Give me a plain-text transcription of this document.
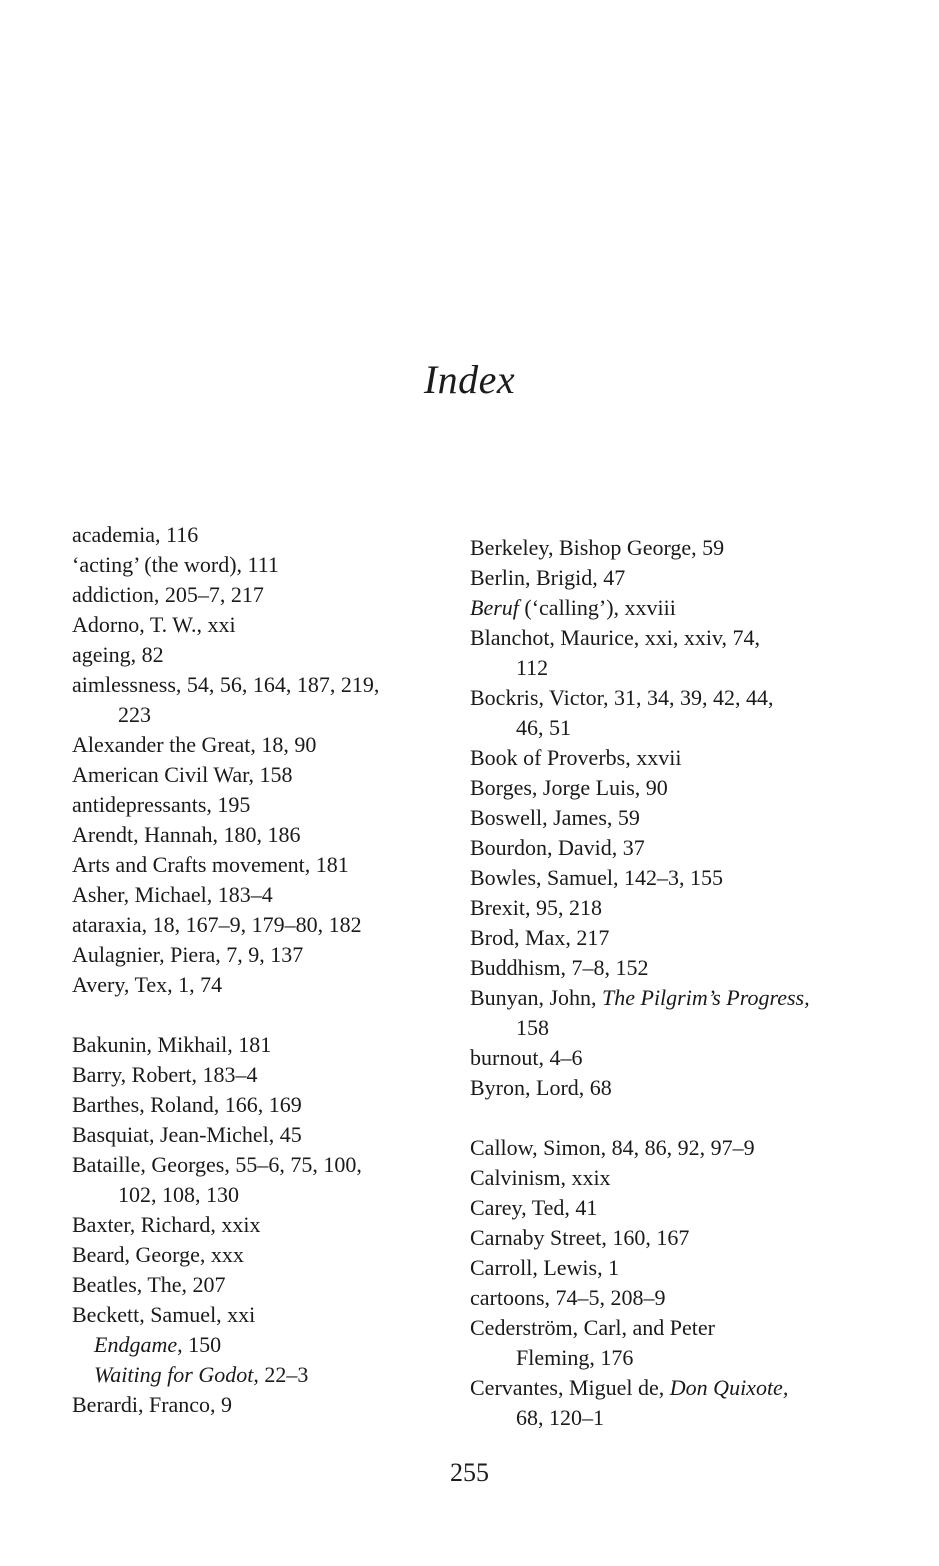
Index
academia, 116
‘acting’ (the word), 111
addiction, 205–7, 217
Adorno, T. W., xxi
ageing, 82
aimlessness, 54, 56, 164, 187, 219,
223
Alexander the Great, 18, 90
American Civil War, 158
antidepressants, 195
Arendt, Hannah, 180, 186
Arts and Crafts movement, 181
Asher, Michael, 183–4
ataraxia, 18, 167–9, 179–80, 182
Aulagnier, Piera, 7, 9, 137
Avery, Tex, 1, 74
Bakunin, Mikhail, 181
Barry, Robert, 183–4
Barthes, Roland, 166, 169
Basquiat, Jean-Michel, 45
Bataille, Georges, 55–6, 75, 100,
102, 108, 130
Baxter, Richard, xxix
Beard, George, xxx
Beatles, The, 207
Beckett, Samuel, xxi
Endgame, 150
Waiting for Godot, 22–3
Berardi, Franco, 9
Berkeley, Bishop George, 59
Berlin, Brigid, 47
Beruf (‘calling’), xxviii
Blanchot, Maurice, xxi, xxiv, 74,
112
Bockris, Victor, 31, 34, 39, 42, 44,
46, 51
Book of Proverbs, xxvii
Borges, Jorge Luis, 90
Boswell, James, 59
Bourdon, David, 37
Bowles, Samuel, 142–3, 155
Brexit, 95, 218
Brod, Max, 217
Buddhism, 7–8, 152
Bunyan, John, The Pilgrim’s Progress,
158
burnout, 4–6
Byron, Lord, 68
Callow, Simon, 84, 86, 92, 97–9
Calvinism, xxix
Carey, Ted, 41
Carnaby Street, 160, 167
Carroll, Lewis, 1
cartoons, 74–5, 208–9
Cederström, Carl, and Peter
Fleming, 176
Cervantes, Miguel de, Don Quixote,
68, 120–1
255
